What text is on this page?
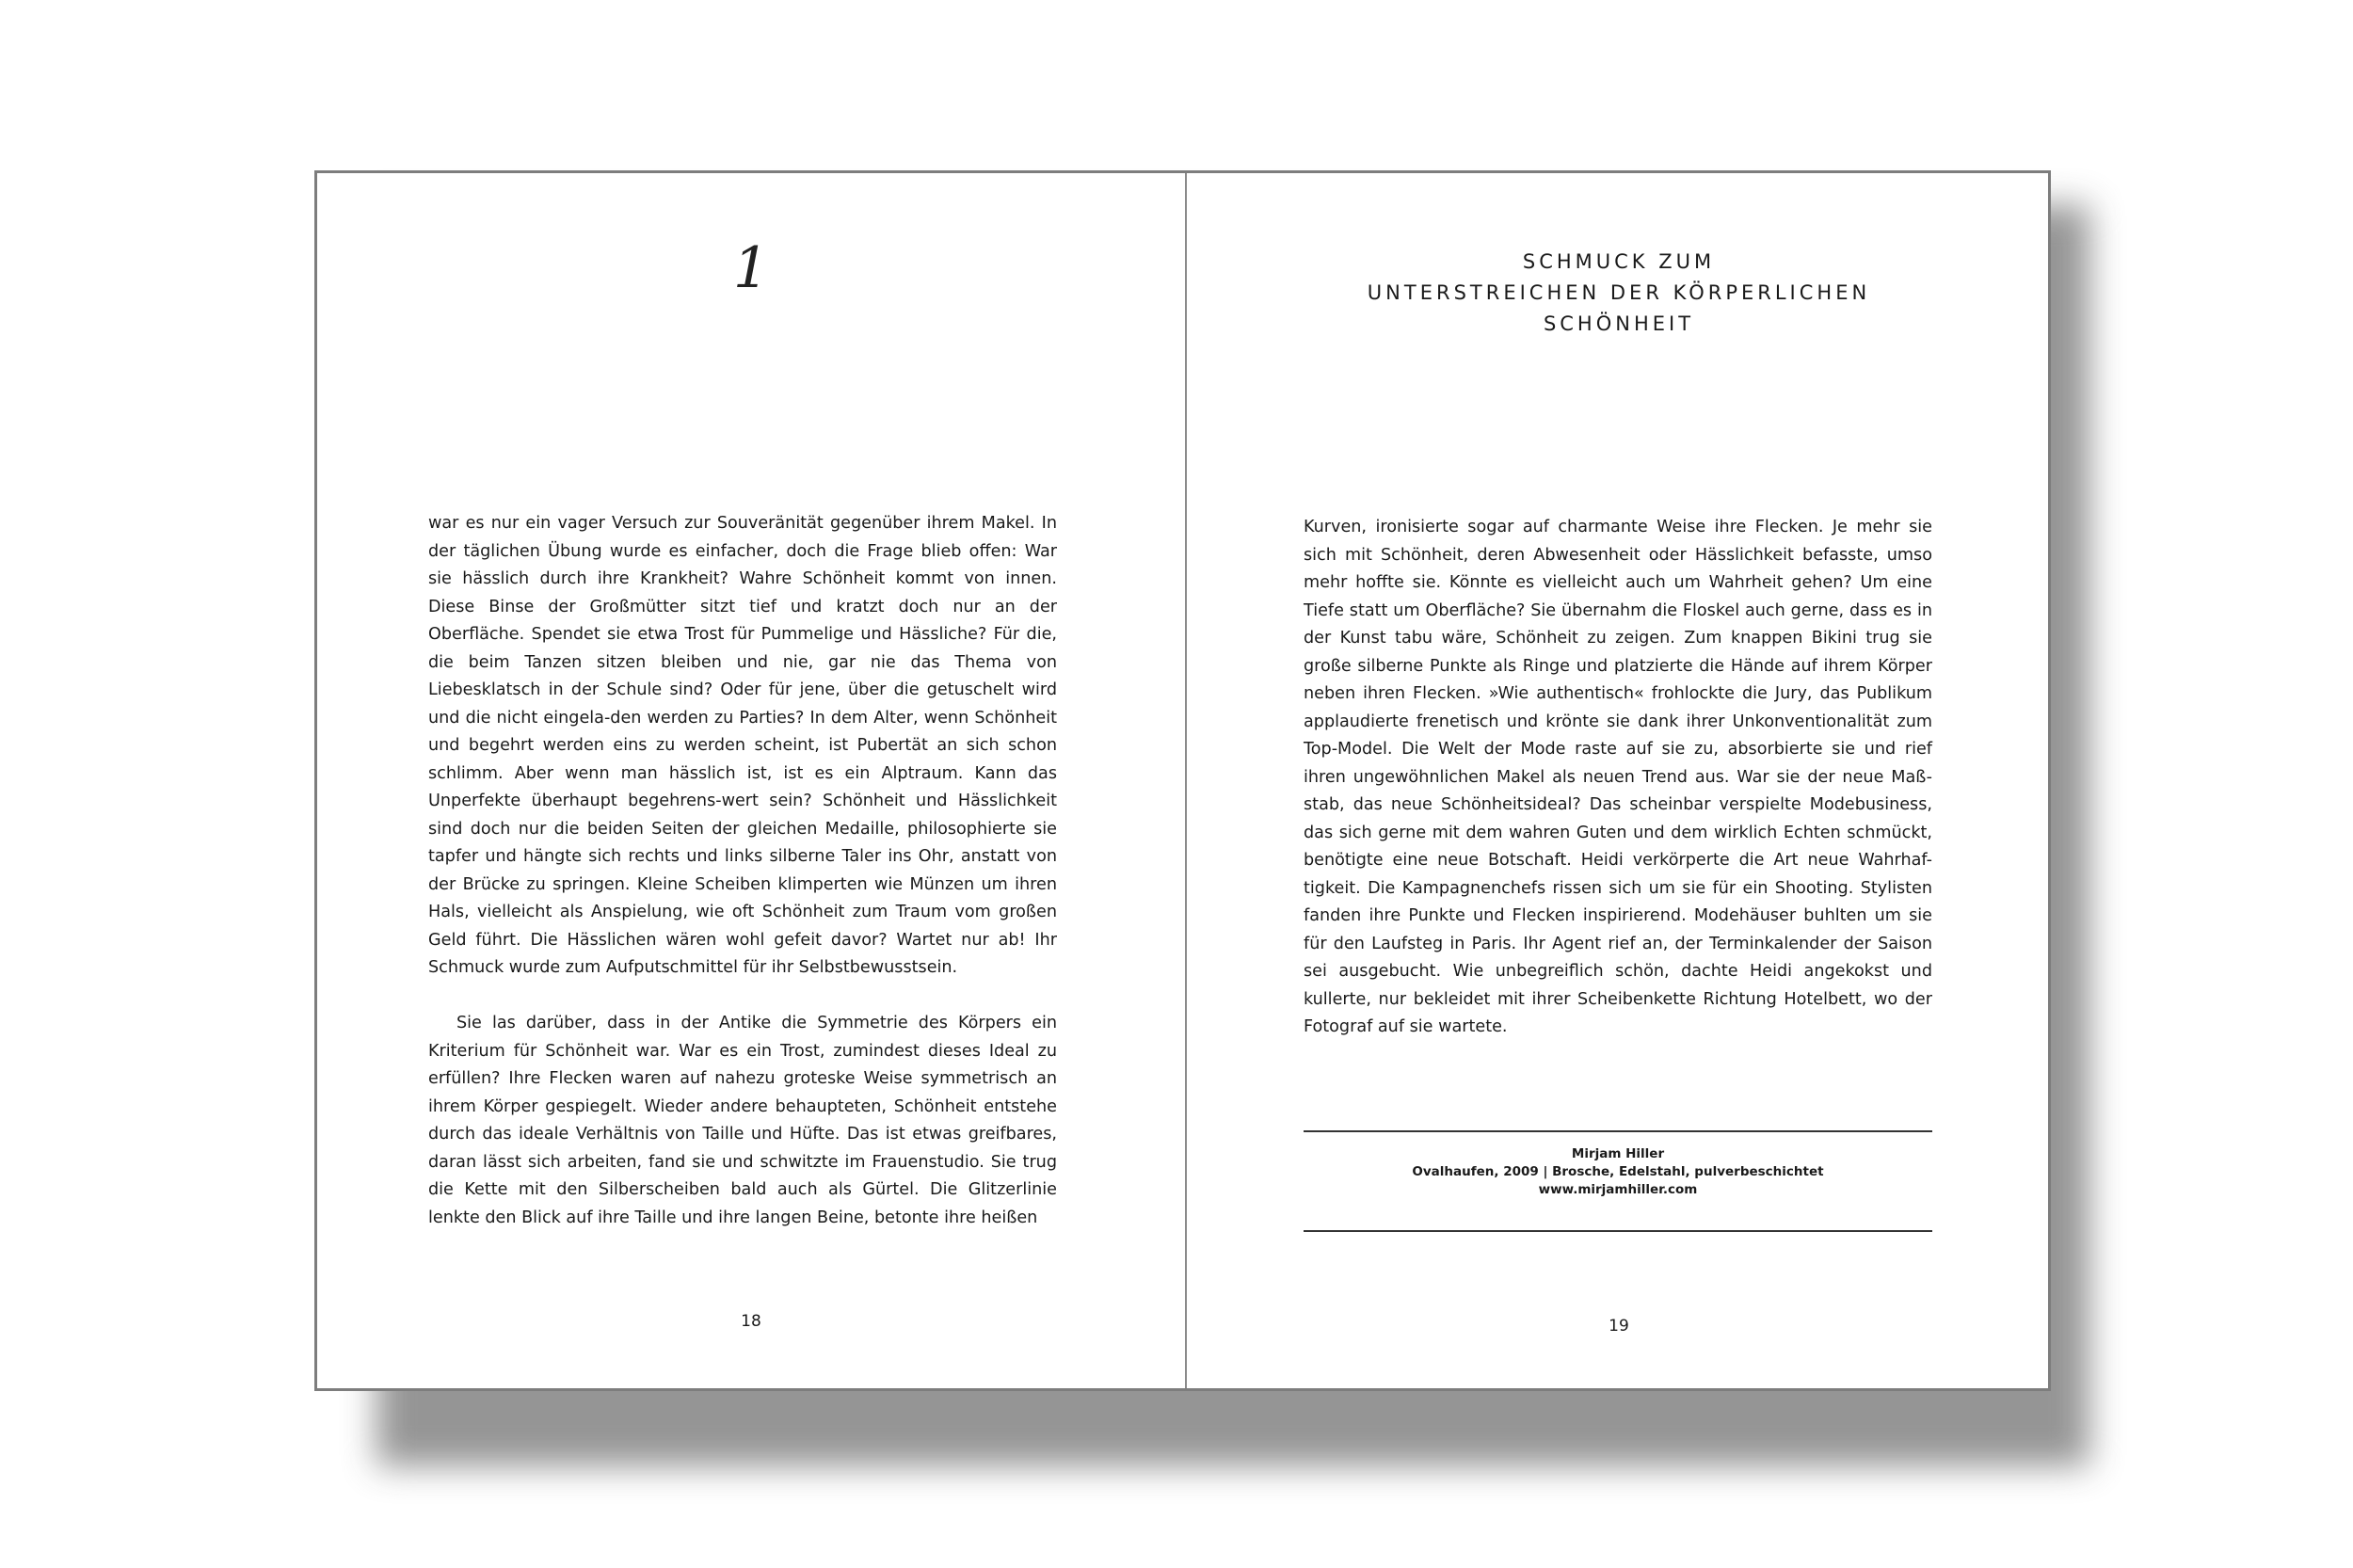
1

war es nur ein vager Versuch zur Souveränität gegenüber ihrem Makel. In der täglichen Übung wurde es einfacher, doch die Frage blieb offen: War sie hässlich durch ihre Krankheit? Wahre Schönheit kommt von innen. Diese Binse der Großmütter sitzt tief und kratzt doch nur an der Oberfläche. Spendet sie etwa Trost für Pummelige und Hässliche? Für die, die beim Tanzen sitzen bleiben und nie, gar nie das Thema von Liebesklatsch in der Schule sind? Oder für jene, über die getuschelt wird und die nicht eingela-den werden zu Parties? In dem Alter, wenn Schönheit und begehrt werden eins zu werden scheint, ist Pubertät an sich schon schlimm. Aber wenn man hässlich ist, ist es ein Alptraum. Kann das Unperfekte überhaupt begehrens-wert sein? Schönheit und Hässlichkeit sind doch nur die beiden Seiten der gleichen Medaille, philosophierte sie tapfer und hängte sich rechts und links silberne Taler ins Ohr, anstatt von der Brücke zu springen. Kleine Scheiben klimperten wie Münzen um ihren Hals, vielleicht als Anspielung, wie oft Schönheit zum Traum vom großen Geld führt. Die Hässlichen wären wohl gefeit davor? Wartet nur ab! Ihr Schmuck wurde zum Aufputschmittel für ihr Selbstbewusstsein.

Sie las darüber, dass in der Antike die Symmetrie des Körpers ein Kriterium für Schönheit war. War es ein Trost, zumindest dieses Ideal zu erfüllen? Ihre Flecken waren auf nahezu groteske Weise symmetrisch an ihrem Körper gespiegelt. Wieder andere behaupteten, Schönheit entstehe durch das ideale Verhältnis von Taille und Hüfte. Das ist etwas greifbares, daran lässt sich arbeiten, fand sie und schwitzte im Frauenstudio. Sie trug die Kette mit den Silberscheiben bald auch als Gürtel. Die Glitzerlinie lenkte den Blick auf ihre Taille und ihre langen Beine, betonte ihre heißen

18
SCHMUCK ZUM
UNTERSTREICHEN DER KÖRPERLICHEN
SCHÖNHEIT

Kurven, ironisierte sogar auf charmante Weise ihre Flecken. Je mehr sie sich mit Schönheit, deren Abwesenheit oder Hässlichkeit befasste, umso mehr hoffte sie. Könnte es vielleicht auch um Wahrheit gehen? Um eine Tiefe statt um Oberfläche? Sie übernahm die Floskel auch gerne, dass es in der Kunst tabu wäre, Schönheit zu zeigen. Zum knappen Bikini trug sie große silberne Punkte als Ringe und platzierte die Hände auf ihrem Körper neben ihren Flecken. »Wie authentisch« frohlockte die Jury, das Publikum applaudierte frenetisch und krönte sie dank ihrer Unkonventionalität zum Top-Model. Die Welt der Mode raste auf sie zu, absorbierte sie und rief ihren ungewöhnlichen Makel als neuen Trend aus. War sie der neue Maß-stab, das neue Schönheitsideal? Das scheinbar verspielte Modebusiness, das sich gerne mit dem wahren Guten und dem wirklich Echten schmückt, benötigte eine neue Botschaft. Heidi verkörperte die Art neue Wahrhaf-tigkeit. Die Kampagnenchefs rissen sich um sie für ein Shooting. Stylisten fanden ihre Punkte und Flecken inspirierend. Modehäuser buhlten um sie für den Laufsteg in Paris. Ihr Agent rief an, der Terminkalender der Saison sei ausgebucht. Wie unbegreiflich schön, dachte Heidi angekokst und kullerte, nur bekleidet mit ihrer Scheibenkette Richtung Hotelbett, wo der Fotograf auf sie wartete.

Mirjam Hiller
Ovalhaufen, 2009 | Brosche, Edelstahl, pulverbeschichtet
www.mirjamhiller.com
19
